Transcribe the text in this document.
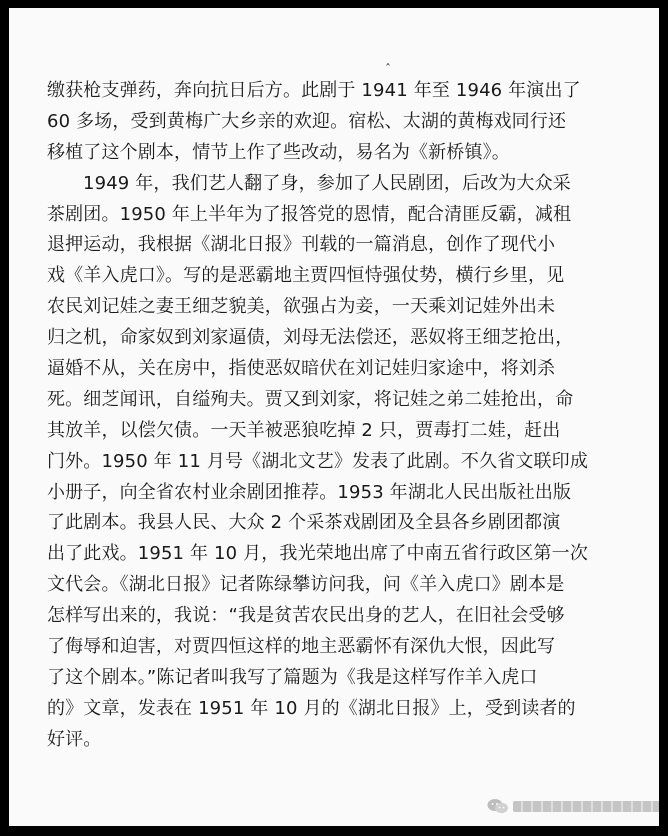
ˆ
缴获枪支弹药，奔向抗日后方。此剧于 1941 年至 1946 年演出了
60 多场，受到黄梅广大乡亲的欢迎。宿松、太湖的黄梅戏同行还
移植了这个剧本，情节上作了些改动，易名为《新桥镇》。
1949 年，我们艺人翻了身，参加了人民剧团，后改为大众采
茶剧团。1950 年上半年为了报答党的恩情，配合清匪反霸，减租
退押运动，我根据《湖北日报》刊载的一篇消息，创作了现代小
戏《羊入虎口》。写的是恶霸地主贾四恒恃强仗势，横行乡里，见
农民刘记娃之妻王细芝貌美，欲强占为妾，一天乘刘记娃外出未
归之机，命家奴到刘家逼债，刘母无法偿还，恶奴将王细芝抢出，
逼婚不从，关在房中，指使恶奴暗伏在刘记娃归家途中，将刘杀
死。细芝闻讯，自缢殉夫。贾又到刘家，将记娃之弟二娃抢出，命
其放羊，以偿欠债。一天羊被恶狼吃掉 2 只，贾毒打二娃，赶出
门外。1950 年 11 月号《湖北文艺》发表了此剧。不久省文联印成
小册子，向全省农村业余剧团推荐。1953 年湖北人民出版社出版
了此剧本。我县人民、大众 2 个采茶戏剧团及全县各乡剧团都演
出了此戏。1951 年 10 月，我光荣地出席了中南五省行政区第一次
文代会。《湖北日报》记者陈绿攀访问我，问《羊入虎口》剧本是
怎样写出来的，我说：“我是贫苦农民出身的艺人，在旧社会受够
了侮辱和迫害，对贾四恒这样的地主恶霸怀有深仇大恨，因此写
了这个剧本。”陈记者叫我写了篇题为《我是这样写作羊入虎口
的》文章，发表在 1951 年 10 月的《湖北日报》上，受到读者的
好评。
